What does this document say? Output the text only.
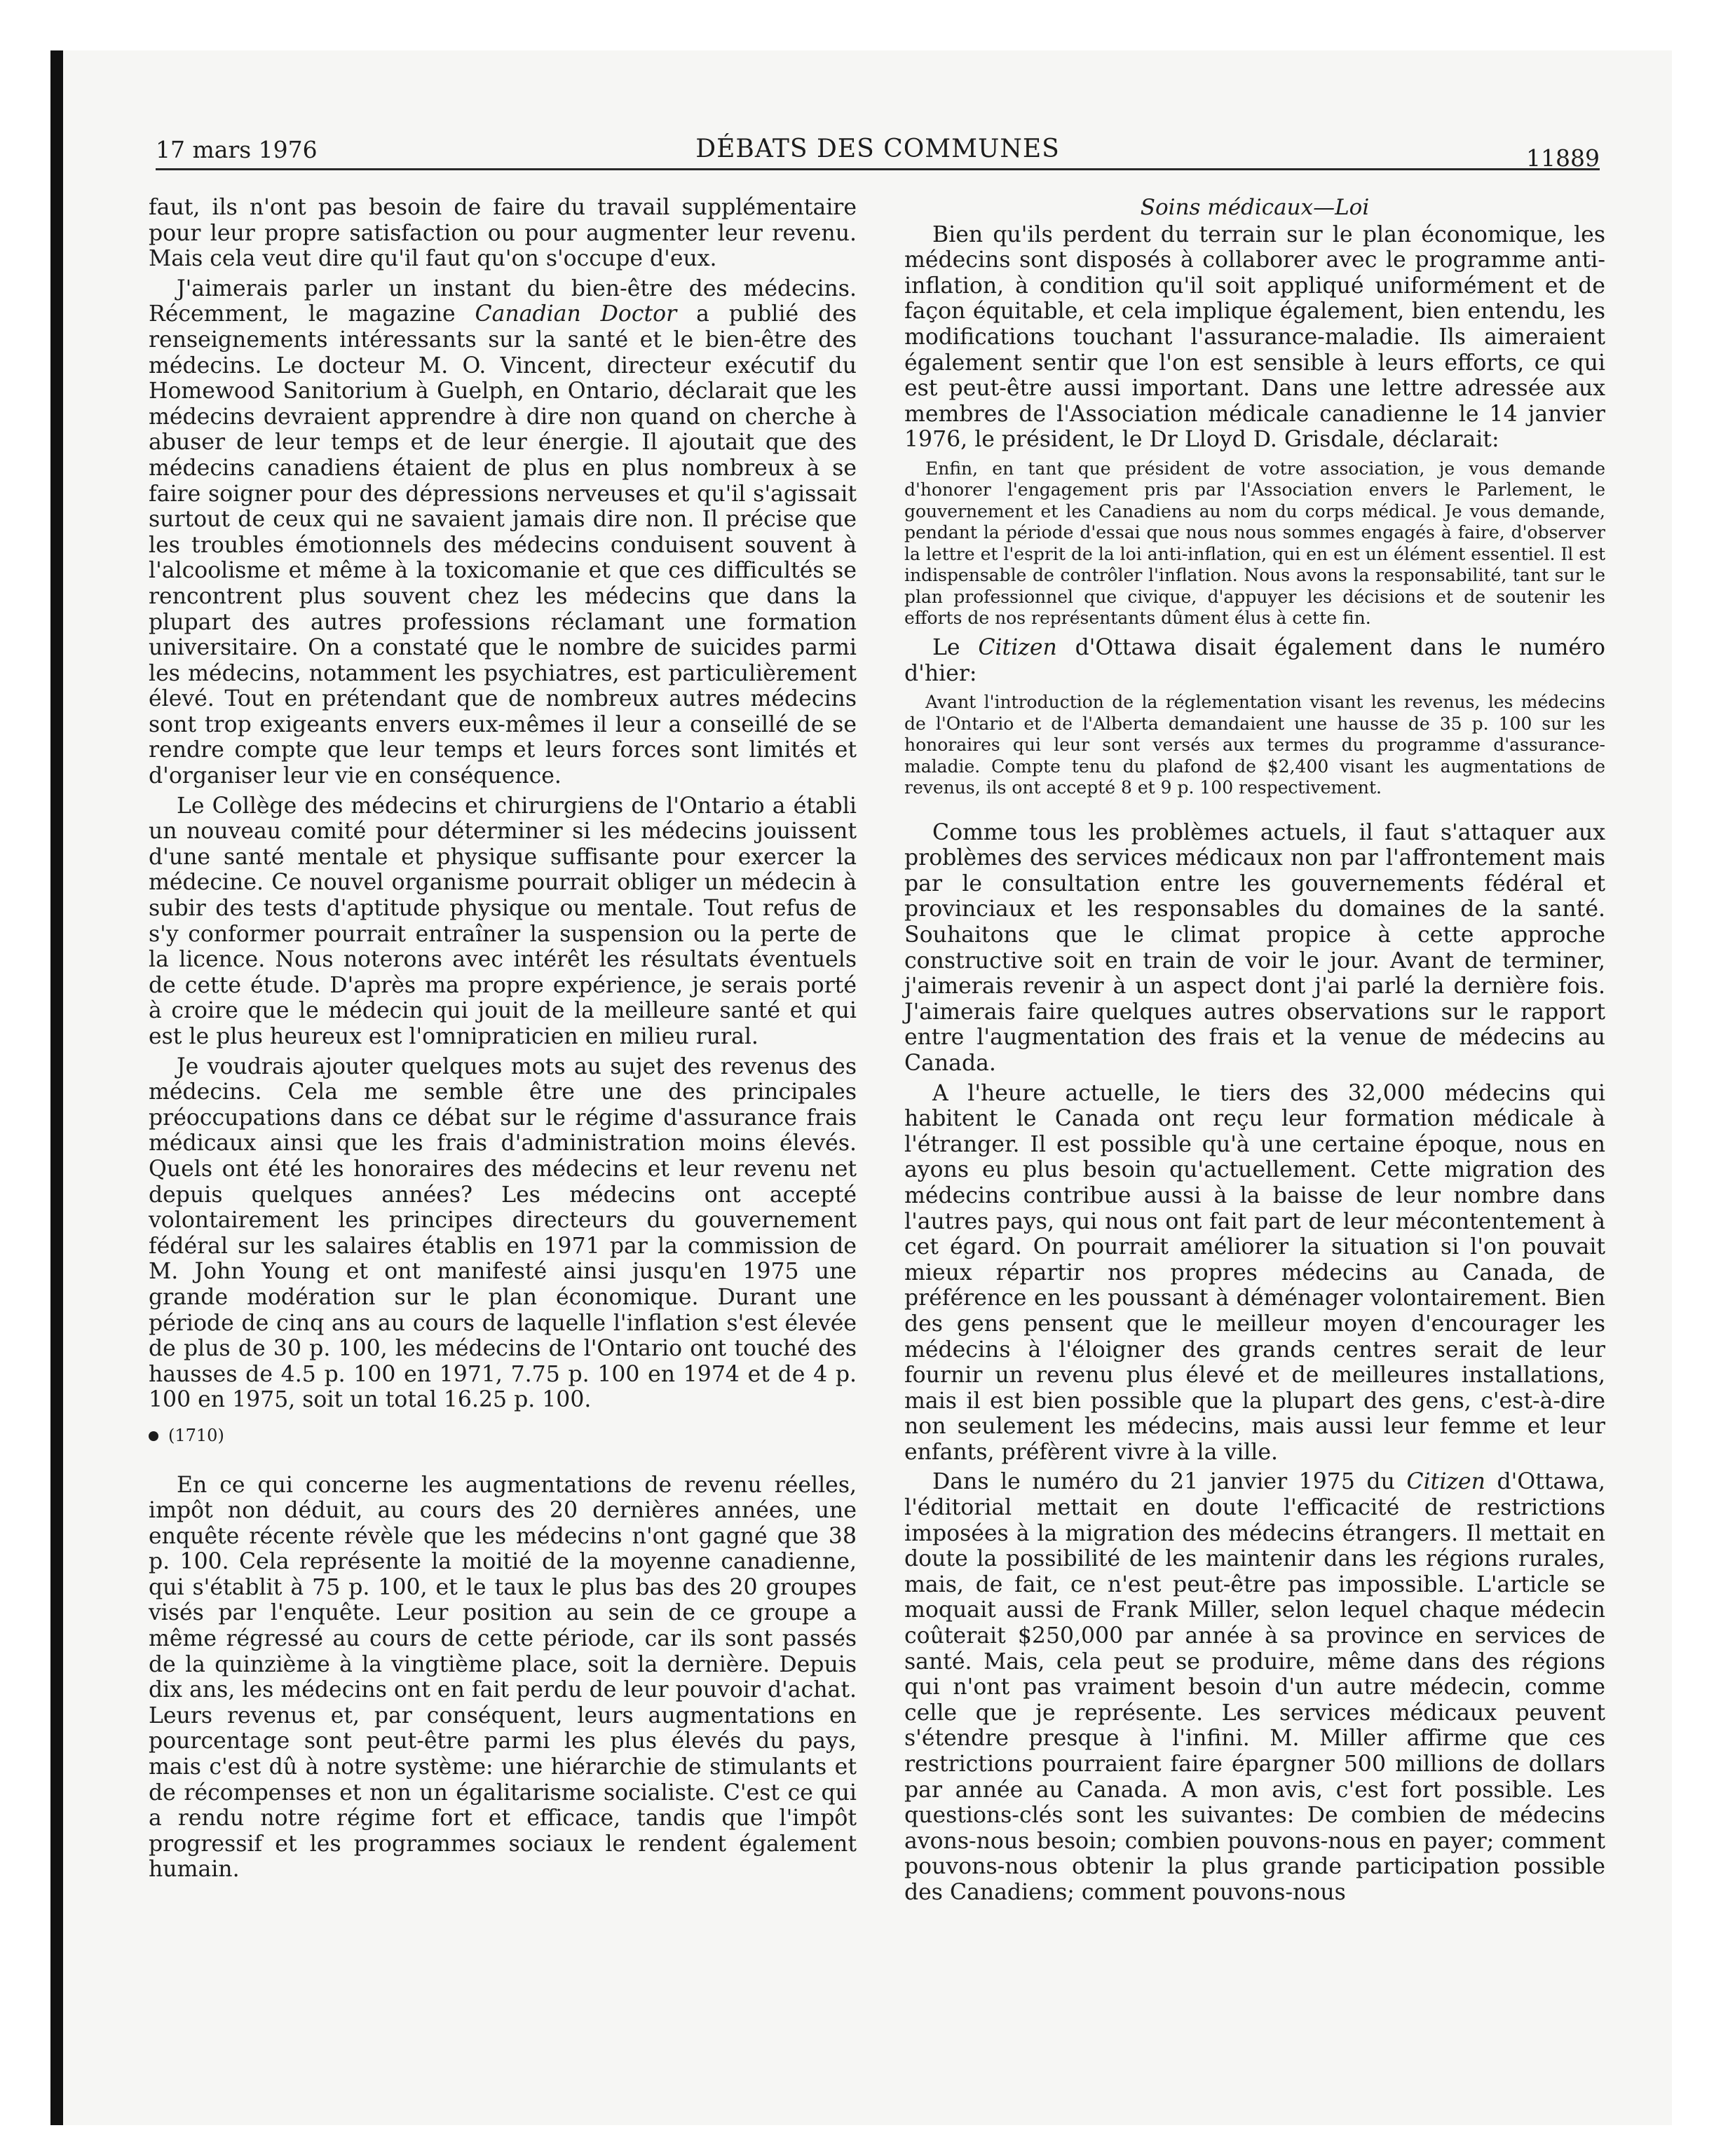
17 mars 1976	DÉBATS DES COMMUNES	11889

faut, ils n'ont pas besoin de faire du travail supplémentaire pour leur propre satisfaction ou pour augmenter leur revenu. Mais cela veut dire qu'il faut qu'on s'occupe d'eux.

J'aimerais parler un instant du bien-être des médecins. Récemment, le magazine Canadian Doctor a publié des renseignements intéressants sur la santé et le bien-être des médecins. Le docteur M. O. Vincent, directeur exécutif du Homewood Sanitorium à Guelph, en Ontario, déclarait que les médecins devraient apprendre à dire non quand on cherche à abuser de leur temps et de leur énergie. Il ajoutait que des médecins canadiens étaient de plus en plus nombreux à se faire soigner pour des dépressions nerveuses et qu'il s'agissait surtout de ceux qui ne savaient jamais dire non. Il précise que les troubles émotionnels des médecins conduisent souvent à l'alcoolisme et même à la toxicomanie et que ces difficultés se rencontrent plus souvent chez les médecins que dans la plupart des autres professions réclamant une formation universitaire. On a constaté que le nombre de suicides parmi les médecins, notamment les psychiatres, est particulièrement élevé. Tout en prétendant que de nombreux autres médecins sont trop exigeants envers eux-mêmes il leur a conseillé de se rendre compte que leur temps et leurs forces sont limités et d'organiser leur vie en conséquence.

Le Collège des médecins et chirurgiens de l'Ontario a établi un nouveau comité pour déterminer si les médecins jouissent d'une santé mentale et physique suffisante pour exercer la médecine. Ce nouvel organisme pourrait obliger un médecin à subir des tests d'aptitude physique ou mentale. Tout refus de s'y conformer pourrait entraîner la suspension ou la perte de la licence. Nous noterons avec intérêt les résultats éventuels de cette étude. D'après ma propre expérience, je serais porté à croire que le médecin qui jouit de la meilleure santé et qui est le plus heureux est l'omnipraticien en milieu rural.

Je voudrais ajouter quelques mots au sujet des revenus des médecins. Cela me semble être une des principales préoccupations dans ce débat sur le régime d'assurance frais médicaux ainsi que les frais d'administration moins élevés. Quels ont été les honoraires des médecins et leur revenu net depuis quelques années? Les médecins ont accepté volontairement les principes directeurs du gouvernement fédéral sur les salaires établis en 1971 par la commission de M. John Young et ont manifesté ainsi jusqu'en 1975 une grande modération sur le plan économique. Durant une période de cinq ans au cours de laquelle l'inflation s'est élevée de plus de 30 p. 100, les médecins de l'Ontario ont touché des hausses de 4.5 p. 100 en 1971, 7.75 p. 100 en 1974 et de 4 p. 100 en 1975, soit un total 16.25 p. 100.

(1710)

En ce qui concerne les augmentations de revenu réelles, impôt non déduit, au cours des 20 dernières années, une enquête récente révèle que les médecins n'ont gagné que 38 p. 100. Cela représente la moitié de la moyenne canadienne, qui s'établit à 75 p. 100, et le taux le plus bas des 20 groupes visés par l'enquête. Leur position au sein de ce groupe a même régressé au cours de cette période, car ils sont passés de la quinzième à la vingtième place, soit la dernière. Depuis dix ans, les médecins ont en fait perdu de leur pouvoir d'achat. Leurs revenus et, par conséquent, leurs augmentations en pourcentage sont peut-être parmi les plus élevés du pays, mais c'est dû à notre système: une hiérarchie de stimulants et de récompenses et non un égalitarisme socialiste. C'est ce qui a rendu notre régime fort et efficace, tandis que l'impôt progressif et les programmes sociaux le rendent également humain.

Soins médicaux—Loi

Bien qu'ils perdent du terrain sur le plan économique, les médecins sont disposés à collaborer avec le programme anti-inflation, à condition qu'il soit appliqué uniformément et de façon équitable, et cela implique également, bien entendu, les modifications touchant l'assurance-maladie. Ils aimeraient également sentir que l'on est sensible à leurs efforts, ce qui est peut-être aussi important. Dans une lettre adressée aux membres de l'Association médicale canadienne le 14 janvier 1976, le président, le Dr Lloyd D. Grisdale, déclarait:

Enfin, en tant que président de votre association, je vous demande d'honorer l'engagement pris par l'Association envers le Parlement, le gouvernement et les Canadiens au nom du corps médical. Je vous demande, pendant la période d'essai que nous nous sommes engagés à faire, d'observer la lettre et l'esprit de la loi anti-inflation, qui en est un élément essentiel. Il est indispensable de contrôler l'inflation. Nous avons la responsabilité, tant sur le plan professionnel que civique, d'appuyer les décisions et de soutenir les efforts de nos représentants dûment élus à cette fin.

Le Citizen d'Ottawa disait également dans le numéro d'hier:

Avant l'introduction de la réglementation visant les revenus, les médecins de l'Ontario et de l'Alberta demandaient une hausse de 35 p. 100 sur les honoraires qui leur sont versés aux termes du programme d'assurance-maladie. Compte tenu du plafond de $2,400 visant les augmentations de revenus, ils ont accepté 8 et 9 p. 100 respectivement.

Comme tous les problèmes actuels, il faut s'attaquer aux problèmes des services médicaux non par l'affrontement mais par le consultation entre les gouvernements fédéral et provinciaux et les responsables du domaines de la santé. Souhaitons que le climat propice à cette approche constructive soit en train de voir le jour. Avant de terminer, j'aimerais revenir à un aspect dont j'ai parlé la dernière fois. J'aimerais faire quelques autres observations sur le rapport entre l'augmentation des frais et la venue de médecins au Canada.

A l'heure actuelle, le tiers des 32,000 médecins qui habitent le Canada ont reçu leur formation médicale à l'étranger. Il est possible qu'à une certaine époque, nous en ayons eu plus besoin qu'actuellement. Cette migration des médecins contribue aussi à la baisse de leur nombre dans l'autres pays, qui nous ont fait part de leur mécontentement à cet égard. On pourrait améliorer la situation si l'on pouvait mieux répartir nos propres médecins au Canada, de préférence en les poussant à déménager volontairement. Bien des gens pensent que le meilleur moyen d'encourager les médecins à l'éloigner des grands centres serait de leur fournir un revenu plus élevé et de meilleures installations, mais il est bien possible que la plupart des gens, c'est-à-dire non seulement les médecins, mais aussi leur femme et leur enfants, préfèrent vivre à la ville.

Dans le numéro du 21 janvier 1975 du Citizen d'Ottawa, l'éditorial mettait en doute l'efficacité de restrictions imposées à la migration des médecins étrangers. Il mettait en doute la possibilité de les maintenir dans les régions rurales, mais, de fait, ce n'est peut-être pas impossible. L'article se moquait aussi de Frank Miller, selon lequel chaque médecin coûterait $250,000 par année à sa province en services de santé. Mais, cela peut se produire, même dans des régions qui n'ont pas vraiment besoin d'un autre médecin, comme celle que je représente. Les services médicaux peuvent s'étendre presque à l'infini. M. Miller affirme que ces restrictions pourraient faire épargner 500 millions de dollars par année au Canada. A mon avis, c'est fort possible. Les questions-clés sont les suivantes: De combien de médecins avons-nous besoin; combien pouvons-nous en payer; comment pouvons-nous obtenir la plus grande participation possible des Canadiens; comment pouvons-nous
